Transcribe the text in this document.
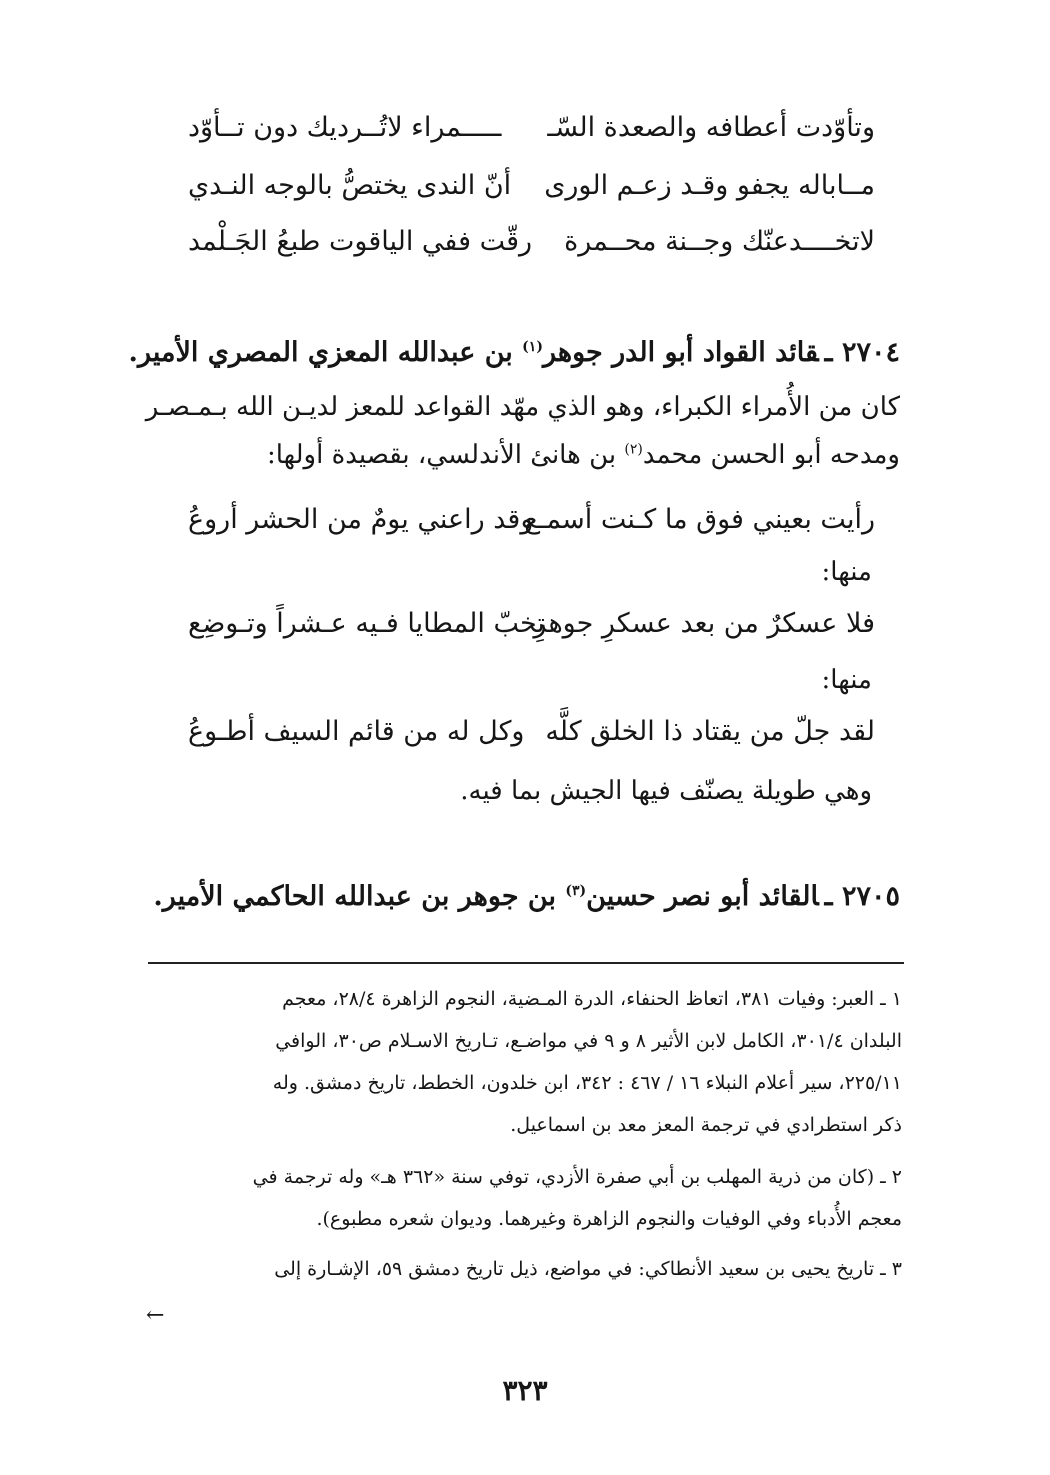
وتأوّدت أعطافه والصعدة السّـ
ـــــمراء لاتُــرديك دون تــأوّد
مــاباله يجفو وقـد زعـم الورى
أنّ الندى يختصُّ بالوجه النـدي
لاتخــــدعنّك وجــنة محــمرة
رقّت ففي الياقوت طبعُ الجَـلْمد
٢٧٠٤ ـقائد القواد أبو الدر جوهر$^{(١)}$ بن عبدالله المعزي المصري الأمير.
كان من الأُمراء الكبراء، وهو الذي مهّد القواعد للمعز لديـن الله بـمـصـر
ومدحه أبو الحسن محمد$^{(٢)}$ بن هانئ الأندلسي، بقصيدة أولها:
رأيت بعيني فوق ما كـنت أسمـع
وقد راعني يومٌ من الحشر أروعُ
منها:
فلا عسكرٌ من بعد عسكرِ جوهرِ
تخبّ المطايا فـيه عـشراً وتـوضِع
منها:
لقد جلّ من يقتاد ذا الخلق كلَّه
وكل له من قائم السيف أطـوعُ
وهي طويلة يصنّف فيها الجيش بما فيه.
٢٧٠٥ ـالقائد أبو نصر حسين$^{(٣)}$ بن جوهر بن عبدالله الحاكمي الأمير.
١ ـ العبر: وفيات ٣٨١، اتعاظ الحنفاء، الدرة المـضية، النجوم الزاهرة ٢٨/٤، معجم
البلدان ٣٠١/٤، الكامل لابن الأثير ٨ و ٩ في مواضـع، تـاريخ الاسـلام ص٣٠، الوافي
٢٢٥/١١، سير أعلام النبلاء ١٦ / ٤٦٧ : ٣٤٢، ابن خلدون، الخطط، تاريخ دمشق. وله
ذكر استطرادي في ترجمة المعز معد بن اسماعيل.
٢ ـ (كان من ذرية المهلب بن أبي صفرة الأزدي، توفي سنة «٣٦٢ هـ» وله ترجمة في
معجم الأُدباء وفي الوفيات والنجوم الزاهرة وغيرهما. وديوان شعره مطبوع).
٣ ـ تاريخ يحيى بن سعيد الأنطاكي: في مواضع، ذيل تاريخ دمشق ٥٩، الإشـارة إلى
←
٣٢٣
